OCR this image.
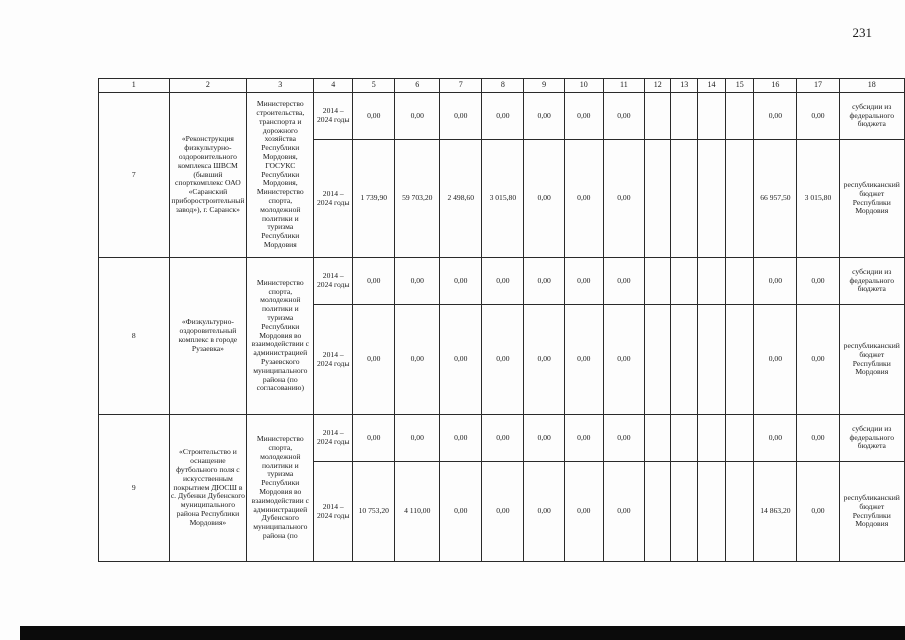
231
1	2	3	4	5	6	7	8	9	10	11	12	13	14	15	16	17	18
7	«Реконструкция физкультурно-оздоровительного комплекса ШВСМ (бывший спорткомплекс ОАО «Саранский приборостроительный завод»), г. Саранск»	Министерство строительства, транспорта и дорожного хозяйства Республики Мордовия, ГОСУКС Республики Мордовия, Министерство спорта, молодежной политики и туризма Республики Мордовия	2014 – 2024 годы	0,00	0,00	0,00	0,00	0,00	0,00	0,00					0,00	0,00	субсидии из федерального бюджета
			2014 – 2024 годы	1 739,90	59 703,20	2 498,60	3 015,80	0,00	0,00	0,00					66 957,50	3 015,80	республиканский бюджет Республики Мордовия
8	«Физкультурно-оздоровительный комплекс в городе Рузаевка»	Министерство спорта, молодежной политики и туризма Республики Мордовия во взаимодействии с администрацией Рузаевского муниципального района (по согласованию)	2014 – 2024 годы	0,00	0,00	0,00	0,00	0,00	0,00	0,00					0,00	0,00	субсидии из федерального бюджета
			2014 – 2024 годы	0,00	0,00	0,00	0,00	0,00	0,00	0,00					0,00	0,00	республиканский бюджет Республики Мордовия
9	«Строительство и оснащение футбольного поля с искусственным покрытием ДЮСШ в с. Дубенки Дубенского муниципального района Республики Мордовия»	Министерство спорта, молодежной политики и туризма Республики Мордовия во взаимодействии с администрацией Дубенского муниципального района (по	2014 – 2024 годы	0,00	0,00	0,00	0,00	0,00	0,00	0,00					0,00	0,00	субсидии из федерального бюджета
			2014 – 2024 годы	10 753,20	4 110,00	0,00	0,00	0,00	0,00	0,00					14 863,20	0,00	республиканский бюджет Республики Мордовия
